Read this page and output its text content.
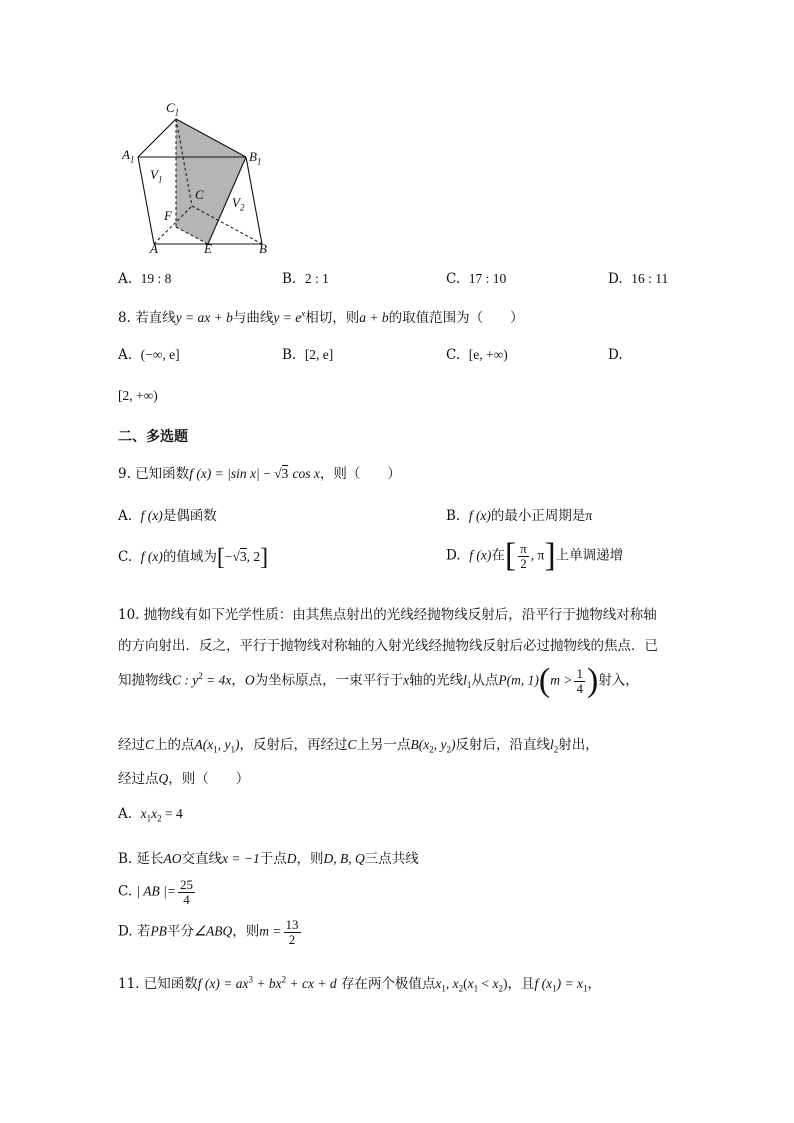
$C_1$
$A_1$	$B_1$
$V_1$
C
$V_2$
F
A	E	B
A. 19 : 8	B. 2 : 1	C. 17 : 10	D. 16 : 11
8. 若直线y = ax + b与曲线$y = e^x$相切，则a + b的取值范围为（　　）
A. (−∞, e]	B. [2, e]	C. [e, +∞)	D.
[2, +∞)
二、多选题
9. 已知函数f (x) = |sin x| − √3 cos x，则（　　）
A. f (x)是偶函数	B. f (x)的最小正周期是π
C. f (x)的值域为[−√3, 2]	D. f (x)在[ $\frac{\pi}{2}$ , π]上单调递增
10. 抛物线有如下光学性质：由其焦点射出的光线经抛物线反射后，沿平行于抛物线对称轴
的方向射出．反之，平行于抛物线对称轴的入射光线经抛物线反射后必过抛物线的焦点．已
知抛物线C : $y^2 = 4x$，O为坐标原点，一束平行于x轴的光线$l_1$从点P(m, $1)(m > \frac{1}{4}$ )射入，
经过C上的点$A(x_1$, $y_1$)，反射后，再经过C上另一点$B(x_2$, $y_2$)反射后，沿直线$l_2$射出，
经过点Q，则（　　）
A. $x_1x_2 = 4$
B. 延长AO交直线x = −1于点D，则D, B, Q三点共线
C. | AB |= $\frac{25}{4}$
D. 若PB平分∠ABQ，则$m = \frac{13}{2}$
11. 已知函数f $(x) = ax^3 + bx^2$ + cx + d 存在两个极值点$x_1$, $x_2(x_1 < x_2)$，且f $(x_1) = x_1$，
